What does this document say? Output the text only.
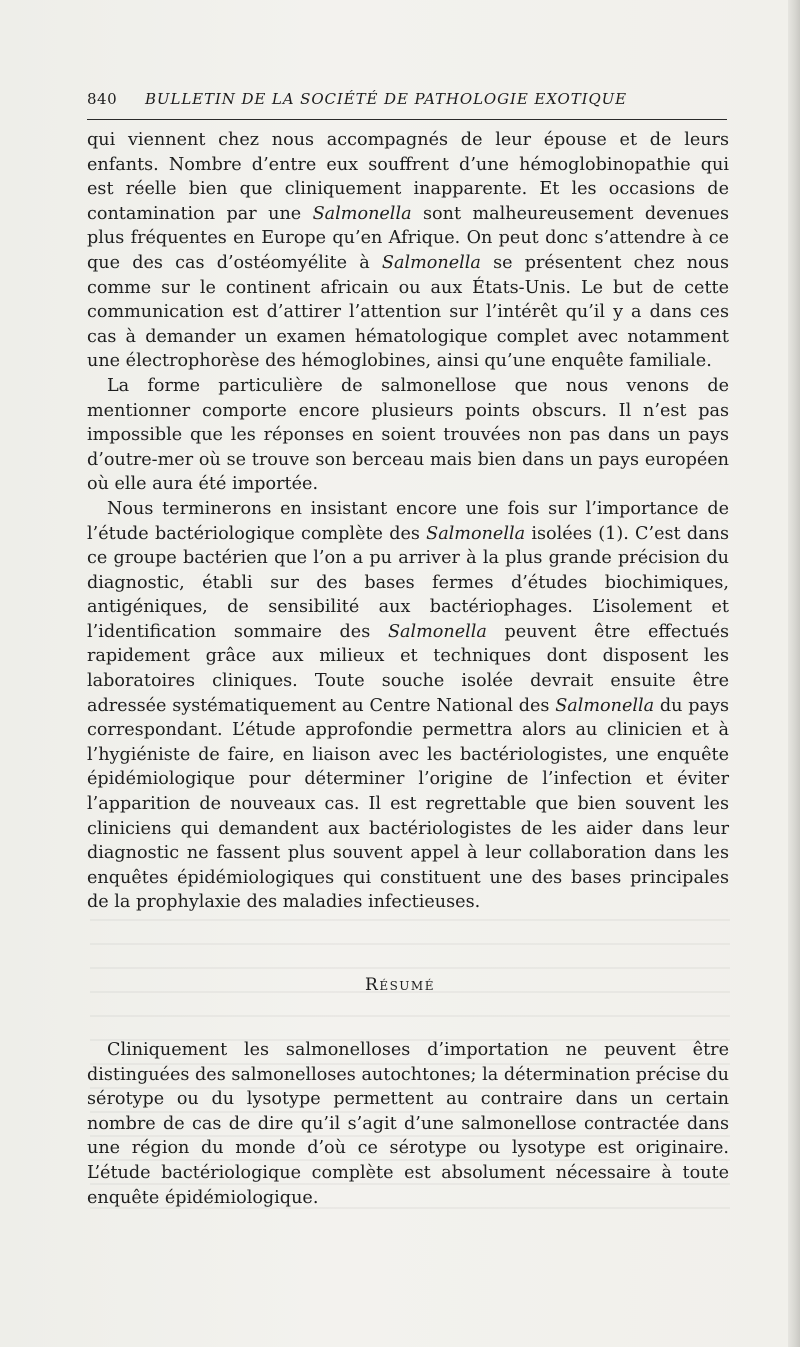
840 BULLETIN DE LA SOCIÉTÉ DE PATHOLOGIE EXOTIQUE

qui viennent chez nous accompagnés de leur épouse et de leurs enfants. Nombre d’entre eux souffrent d’une hémoglobinopathie qui est réelle bien que cliniquement inapparente. Et les occasions de contamination par une Salmonella sont malheureusement devenues plus fréquentes en Europe qu’en Afrique. On peut donc s’attendre à ce que des cas d’ostéomyélite à Salmonella se présentent chez nous comme sur le continent africain ou aux États-Unis. Le but de cette communication est d’attirer l’attention sur l’intérêt qu’il y a dans ces cas à demander un examen hématologique complet avec notamment une électrophorèse des hémoglobines, ainsi qu’une enquête familiale.

La forme particulière de salmonellose que nous venons de mentionner comporte encore plusieurs points obscurs. Il n’est pas impossible que les réponses en soient trouvées non pas dans un pays d’outre-mer où se trouve son berceau mais bien dans un pays européen où elle aura été importée.

Nous terminerons en insistant encore une fois sur l’importance de l’étude bactériologique complète des Salmonella isolées (1). C’est dans ce groupe bactérien que l’on a pu arriver à la plus grande précision du diagnostic, établi sur des bases fermes d’études biochimiques, antigéniques, de sensibilité aux bactériophages. L’isolement et l’identification sommaire des Salmonella peuvent être effectués rapidement grâce aux milieux et techniques dont disposent les laboratoires cliniques. Toute souche isolée devrait ensuite être adressée systématiquement au Centre National des Salmonella du pays correspondant. L’étude approfondie permettra alors au clinicien et à l’hygiéniste de faire, en liaison avec les bactériologistes, une enquête épidémiologique pour déterminer l’origine de l’infection et éviter l’apparition de nouveaux cas. Il est regrettable que bien souvent les cliniciens qui demandent aux bactériologistes de les aider dans leur diagnostic ne fassent plus souvent appel à leur collaboration dans les enquêtes épidémiologiques qui constituent une des bases principales de la prophylaxie des maladies infectieuses.

RÉSUMÉ

Cliniquement les salmonelloses d’importation ne peuvent être distinguées des salmonelloses autochtones; la détermination précise du sérotype ou du lysotype permettent au contraire dans un certain nombre de cas de dire qu’il s’agit d’une salmonellose contractée dans une région du monde d’où ce sérotype ou lysotype est originaire. L’étude bactériologique complète est absolument nécessaire à toute enquête épidémiologique.
